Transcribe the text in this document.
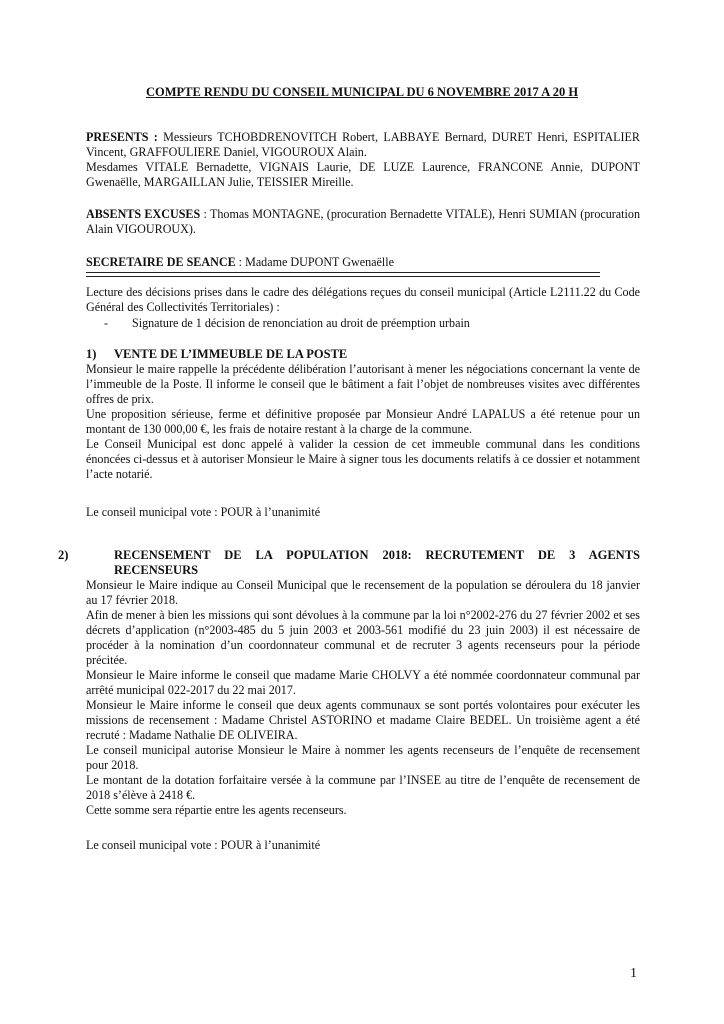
COMPTE RENDU DU CONSEIL MUNICIPAL DU 6 NOVEMBRE 2017 A 20 H

PRESENTS : Messieurs TCHOBDRENOVITCH Robert, LABBAYE Bernard, DURET Henri, ESPITALIER Vincent, GRAFFOULIERE Daniel, VIGOUROUX Alain.

Mesdames VITALE Bernadette, VIGNAIS Laurie, DE LUZE Laurence, FRANCONE Annie, DUPONT Gwenaëlle, MARGAILLAN Julie, TEISSIER Mireille.

ABSENTS EXCUSES : Thomas MONTAGNE, (procuration Bernadette VITALE), Henri SUMIAN (procuration Alain VIGOUROUX).

SECRETAIRE DE SEANCE : Madame DUPONT Gwenaëlle

Lecture des décisions prises dans le cadre des délégations reçues du conseil municipal (Article L2111.22 du Code Général des Collectivités Territoriales) :

- Signature de 1 décision de renonciation au droit de préemption urbain

1) VENTE DE L’IMMEUBLE DE LA POSTE

Monsieur le maire rappelle la précédente délibération l’autorisant à mener les négociations concernant la vente de l’immeuble de la Poste. Il informe le conseil que le bâtiment a fait l’objet de nombreuses visites avec différentes offres de prix.

Une proposition sérieuse, ferme et définitive proposée par Monsieur André LAPALUS a été retenue pour un montant de 130 000,00 €, les frais de notaire restant à la charge de la commune.

Le Conseil Municipal est donc appelé à valider la cession de cet immeuble communal dans les conditions énoncées ci-dessus et à autoriser Monsieur le Maire à signer tous les documents relatifs à ce dossier et notamment l’acte notarié.

Le conseil municipal vote : POUR à l’unanimité

2)	RECENSEMENT DE LA POPULATION 2018: RECRUTEMENT DE 3 AGENTS RECENSEURS

Monsieur le Maire indique au Conseil Municipal que le recensement de la population se déroulera du 18 janvier au 17 février 2018.

Afin de mener à bien les missions qui sont dévolues à la commune par la loi n°2002-276 du 27 février 2002 et ses décrets d’application (n°2003-485 du 5 juin 2003 et 2003-561 modifié du 23 juin 2003) il est nécessaire de procéder à la nomination d’un coordonnateur communal et de recruter 3 agents recenseurs pour la période précitée.

Monsieur le Maire informe le conseil que madame Marie CHOLVY a été nommée coordonnateur communal par arrêté municipal 022-2017 du 22 mai 2017.

Monsieur le Maire informe le conseil que deux agents communaux se sont portés volontaires pour exécuter les missions de recensement : Madame Christel ASTORINO et madame Claire BEDEL. Un troisième agent a été recruté : Madame Nathalie DE OLIVEIRA.

Le conseil municipal autorise Monsieur le Maire à nommer les agents recenseurs de l’enquête de recensement pour 2018.

Le montant de la dotation forfaitaire versée à la commune par l’INSEE au titre de l’enquête de recensement de 2018 s’élève à 2418 €.

Cette somme sera répartie entre les agents recenseurs.

Le conseil municipal vote : POUR à l’unanimité

1
